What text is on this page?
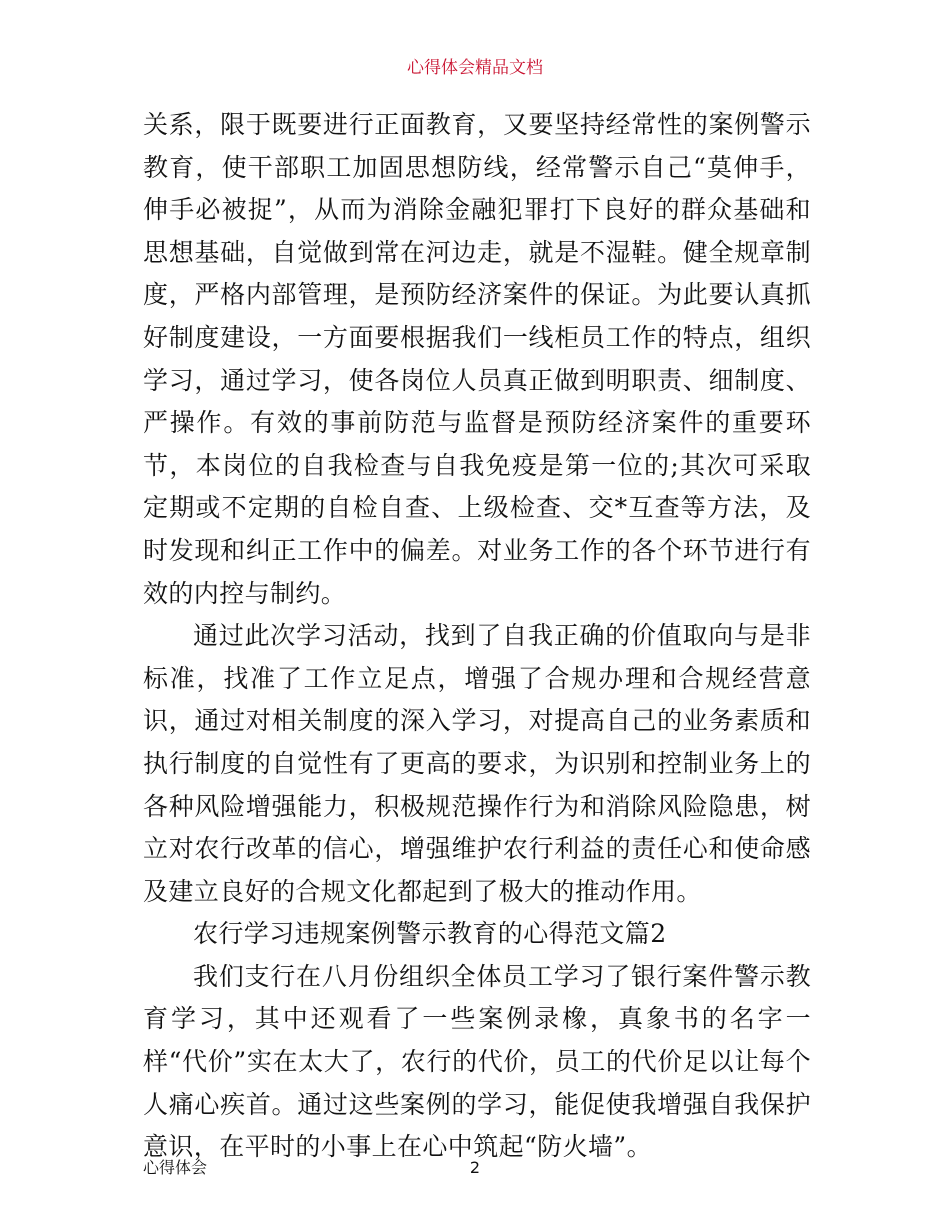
心得体会精品文档

关系，限于既要进行正面教育，又要坚持经常性的案例警示教育，使干部职工加固思想防线，经常警示自己“莫伸手，伸手必被捉”，从而为消除金融犯罪打下良好的群众基础和思想基础，自觉做到常在河边走，就是不湿鞋。健全规章制度，严格内部管理，是预防经济案件的保证。为此要认真抓好制度建设，一方面要根据我们一线柜员工作的特点，组织学习，通过学习，使各岗位人员真正做到明职责、细制度、严操作。有效的事前防范与监督是预防经济案件的重要环节，本岗位的自我检查与自我免疫是第一位的;其次可采取定期或不定期的自检自查、上级检查、交*互查等方法，及时发现和纠正工作中的偏差。对业务工作的各个环节进行有效的内控与制约。

通过此次学习活动，找到了自我正确的价值取向与是非标准，找准了工作立足点，增强了合规办理和合规经营意识，通过对相关制度的深入学习，对提高自己的业务素质和执行制度的自觉性有了更高的要求，为识别和控制业务上的各种风险增强能力，积极规范操作行为和消除风险隐患，树立对农行改革的信心，增强维护农行利益的责任心和使命感及建立良好的合规文化都起到了极大的推动作用。

农行学习违规案例警示教育的心得范文篇2

我们支行在八月份组织全体员工学习了银行案件警示教育学习，其中还观看了一些案例录橡，真象书的名字一样“代价”实在太大了，农行的代价，员工的代价足以让每个人痛心疾首。通过这些案例的学习，能促使我增强自我保护意识，在平时的小事上在心中筑起“防火墙”。

心得体会	2
